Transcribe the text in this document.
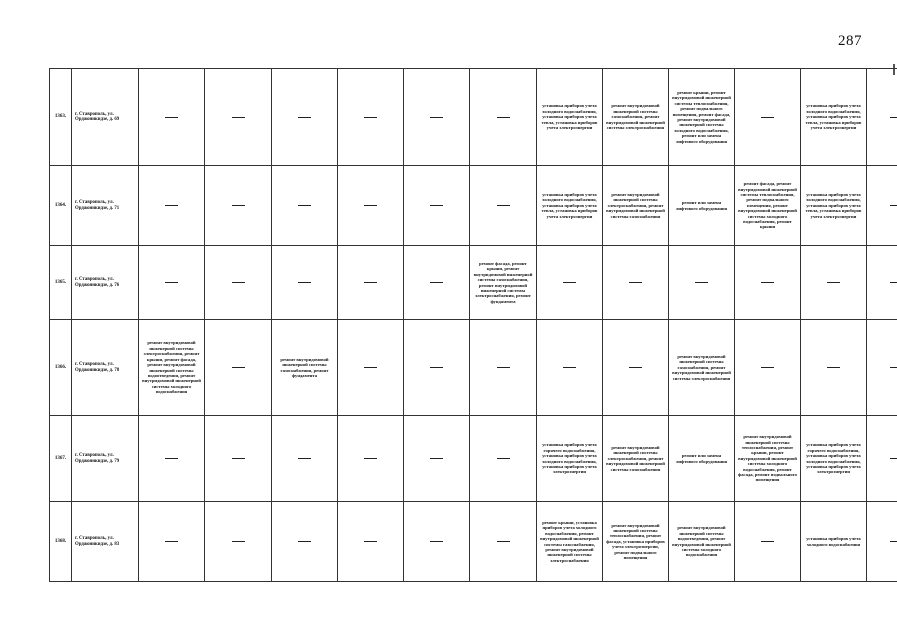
287
1363.	г. Ставрополь, ул. Орджоникидзе, д. 69							установка приборов учета холодного водоснабжения, установка приборов учета тепла, установка приборов учета электроэнергии	ремонт внутридомовой инженерной системы газоснабжения, ремонт внутридомовой инженерной системы электроснабжения	ремонт крыши, ремонт внутридомовой инженерной системы теплоснабжения, ремонт подвального помещения, ремонт фасада, ремонт внутридомовой инженерной системы холодного водоснабжения, ремонт или замена лифтового оборудования		установка приборов учета холодного водоснабжения, установка приборов учета тепла, установка приборов учета электроэнергии	
1364.	г. Ставрополь, ул. Орджоникидзе, д. 71							установка приборов учета холодного водоснабжения, установка приборов учета тепла, установка приборов учета электроэнергии	ремонт внутридомовой инженерной системы электроснабжения, ремонт внутридомовой инженерной системы газоснабжения	ремонт или замена лифтового оборудования	ремонт фасада, ремонт внутридомовой инженерной системы теплоснабжения, ремонт подвального помещения, ремонт внутридомовой инженерной системы холодного водоснабжения, ремонт крыши	установка приборов учета холодного водоснабжения, установка приборов учета тепла, установка приборов учета электроэнергии	
1365.	г. Ставрополь, ул. Орджоникидзе, д. 76						ремонт фасада, ремонт крыши, ремонт внутридомовой инженерной системы газоснабжения, ремонт внутридомовой инженерной системы электроснабжения, ремонт фундамента						
1366.	г. Ставрополь, ул. Орджоникидзе, д. 78	ремонт внутридомовой инженерной системы электроснабжения, ремонт крыши, ремонт фасада, ремонт внутридомовой инженерной системы водоотведения, ремонт внутридомовой инженерной системы холодного водоснабжения		ремонт внутридомовой инженерной системы газоснабжения, ремонт фундамента						ремонт внутридомовой инженерной системы газоснабжения, ремонт внутридомовой инженерной системы электроснабжения			
1367.	г. Ставрополь, ул. Орджоникидзе, д. 79							установка приборов учета горячего водоснабжения, установка приборов учета холодного водоснабжения, установка приборов учета электроэнергии	ремонт внутридомовой инженерной системы электроснабжения, ремонт внутридомовой инженерной системы газоснабжения	ремонт или замена лифтового оборудования	ремонт внутридомовой инженерной системы теплоснабжения, ремонт крыши, ремонт внутридомовой инженерной системы холодного водоснабжения, ремонт фасада, ремонт подвального помещения	установка приборов учета горячего водоснабжения, установка приборов учета холодного водоснабжения, установка приборов учета электроэнергии	
1368.	г. Ставрополь, ул. Орджоникидзе, д. 83							ремонт крыши, установка приборов учета холодного водоснабжения, ремонт внутридомовой инженерной системы газоснабжения, ремонт внутридомовой инженерной системы электроснабжения	ремонт внутридомовой инженерной системы теплоснабжения, ремонт фасада, установка приборов учета электроэнергии, ремонт подвального помещения	ремонт внутридомовой инженерной системы водоотведения, ремонт внутридомовой инженерной системы холодного водоснабжения		установка приборов учета холодного водоснабжения	
